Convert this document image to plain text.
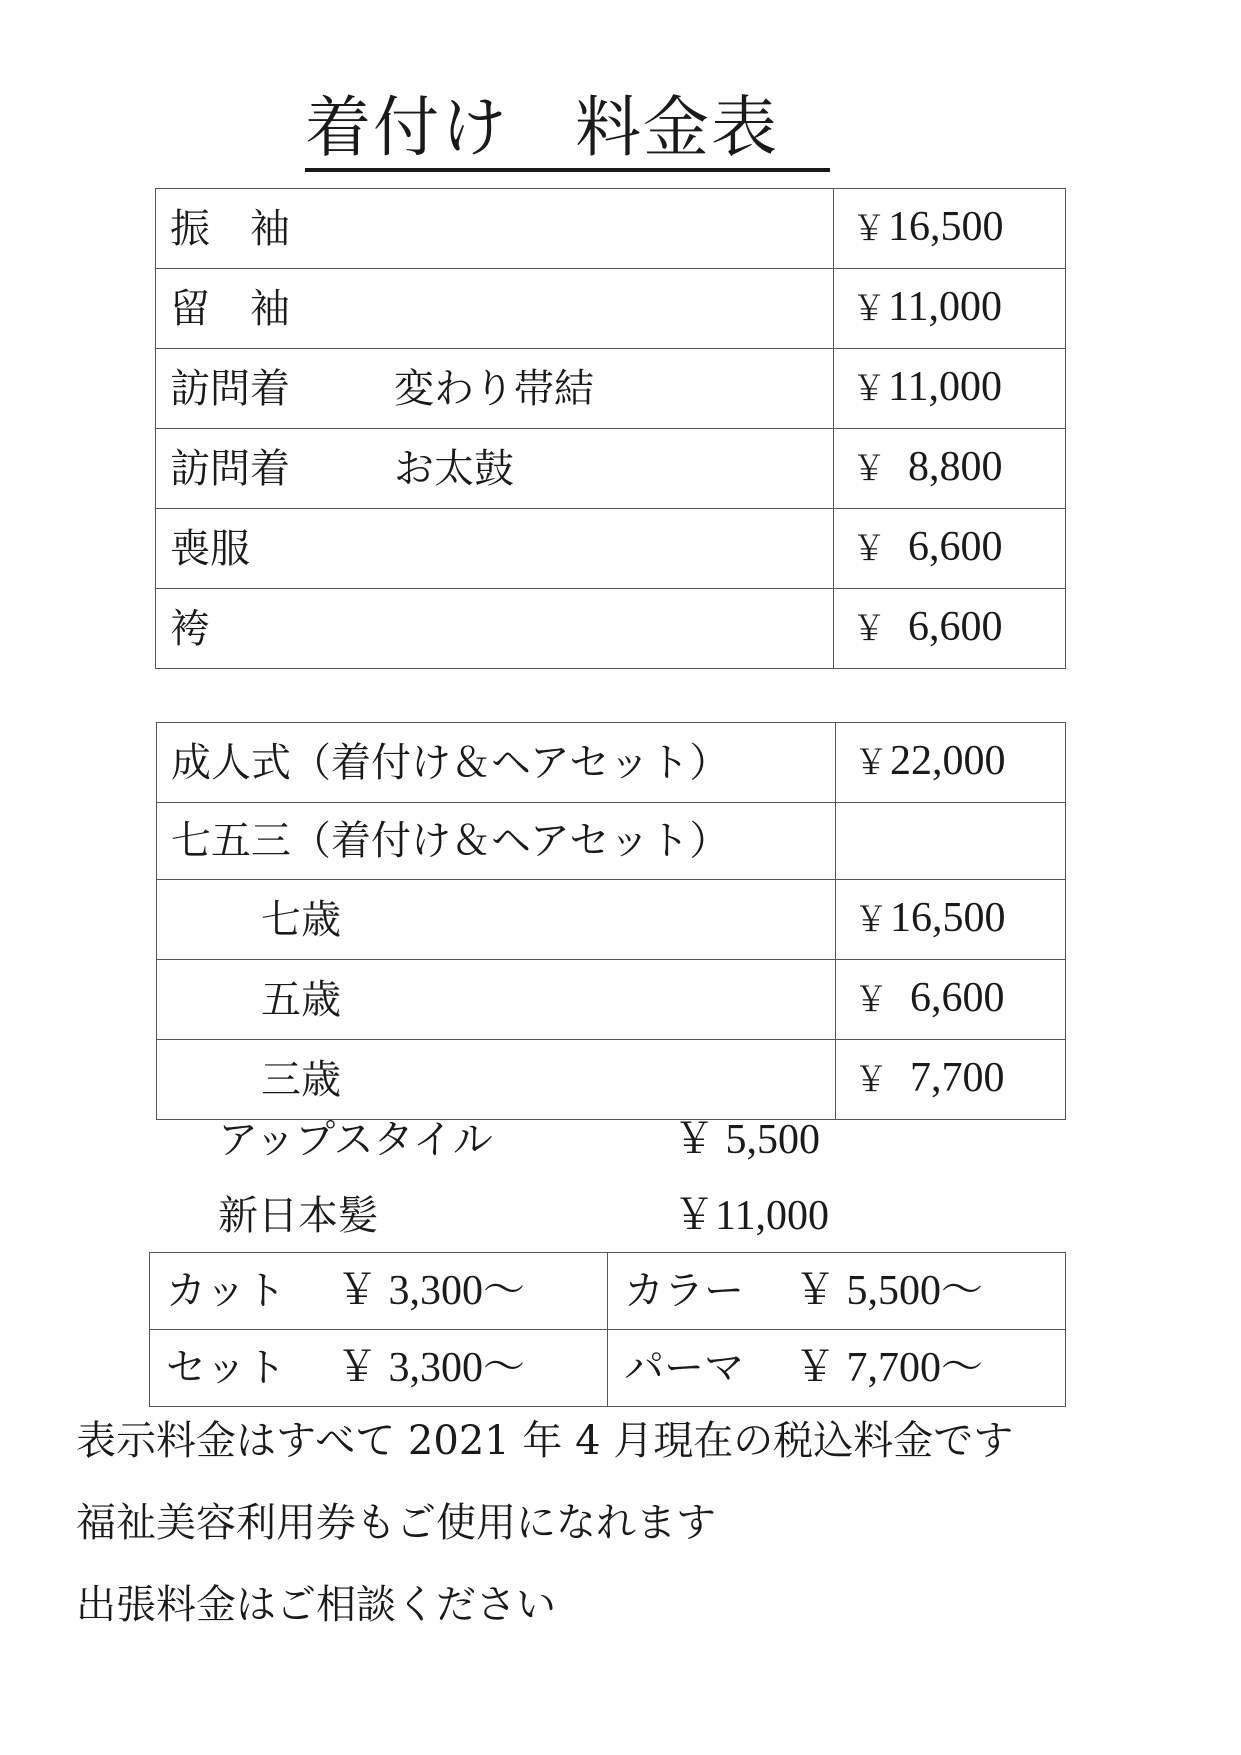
着付け 料金表
振 袖	￥16,500
留 袖	￥11,000
訪問着 変わり帯結	￥11,000
訪問着 お太鼓	￥ 8,800
喪服	￥ 6,600
袴	￥ 6,600
成人式（着付け＆ヘアセット）	￥22,000
七五三（着付け＆ヘアセット）	
七歳	￥16,500
五歳	￥ 6,600
三歳	￥ 7,700
アップスタイル	￥ 5,500
新日本髪	￥11,000
カット ￥ 3,300～	カラー ￥ 5,500～
セット ￥ 3,300～	パーマ ￥ 7,700～
表示料金はすべて 2021 年 4 月現在の税込料金です
福祉美容利用券もご使用になれます
出張料金はご相談ください
